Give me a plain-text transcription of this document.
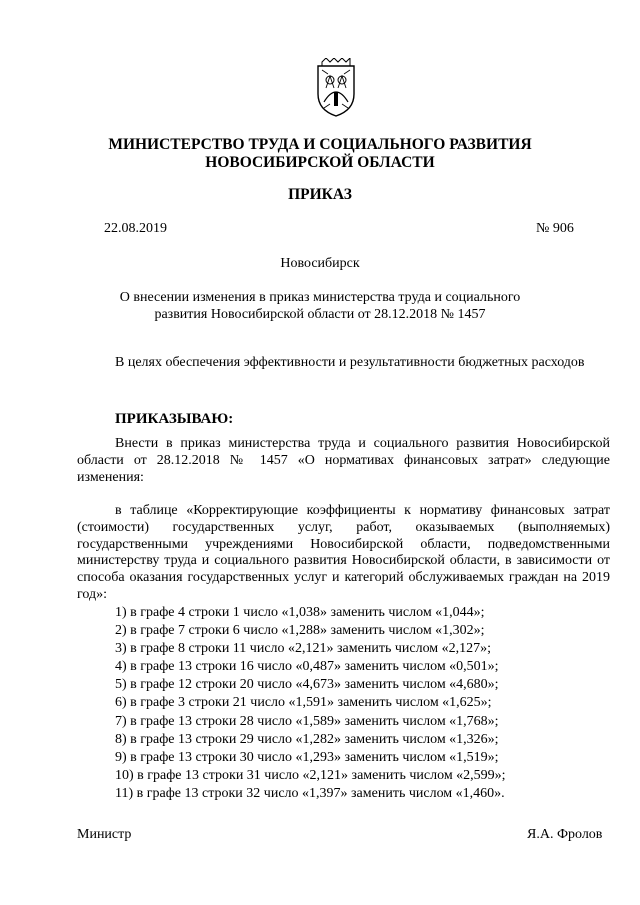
МИНИСТЕРСТВО ТРУДА И СОЦИАЛЬНОГО РАЗВИТИЯ
НОВОСИБИРСКОЙ ОБЛАСТИ
ПРИКАЗ
22.08.2019	№ 906
Новосибирск
О внесении изменения в приказ министерства труда и социального
развития Новосибирской области от 28.12.2018 № 1457

В целях обеспечения эффективности и результативности бюджетных расходов

ПРИКАЗЫВАЮ:

Внести в приказ министерства труда и социального развития Новосибирской области от 28.12.2018 № 1457 «О нормативах финансовых затрат» следующие изменения:

в таблице «Корректирующие коэффициенты к нормативу финансовых затрат (стоимости) государственных услуг, работ, оказываемых (выполняемых) государственными учреждениями Новосибирской области, подведомственными министерству труда и социального развития Новосибирской области, в зависимости от способа оказания государственных услуг и категорий обслуживаемых граждан на 2019 год»:

1) в графе 4 строки 1 число «1,038» заменить числом «1,044»;
2) в графе 7 строки 6 число «1,288» заменить числом «1,302»;
3) в графе 8 строки 11 число «2,121» заменить числом «2,127»;
4) в графе 13 строки 16 число «0,487» заменить числом «0,501»;
5) в графе 12 строки 20 число «4,673» заменить числом «4,680»;
6) в графе 3 строки 21 число «1,591» заменить числом «1,625»;
7) в графе 13 строки 28 число «1,589» заменить числом «1,768»;
8) в графе 13 строки 29 число «1,282» заменить числом «1,326»;
9) в графе 13 строки 30 число «1,293» заменить числом «1,519»;
10) в графе 13 строки 31 число «2,121» заменить числом «2,599»;
11) в графе 13 строки 32 число «1,397» заменить числом «1,460».
Министр	Я.А. Фролов
